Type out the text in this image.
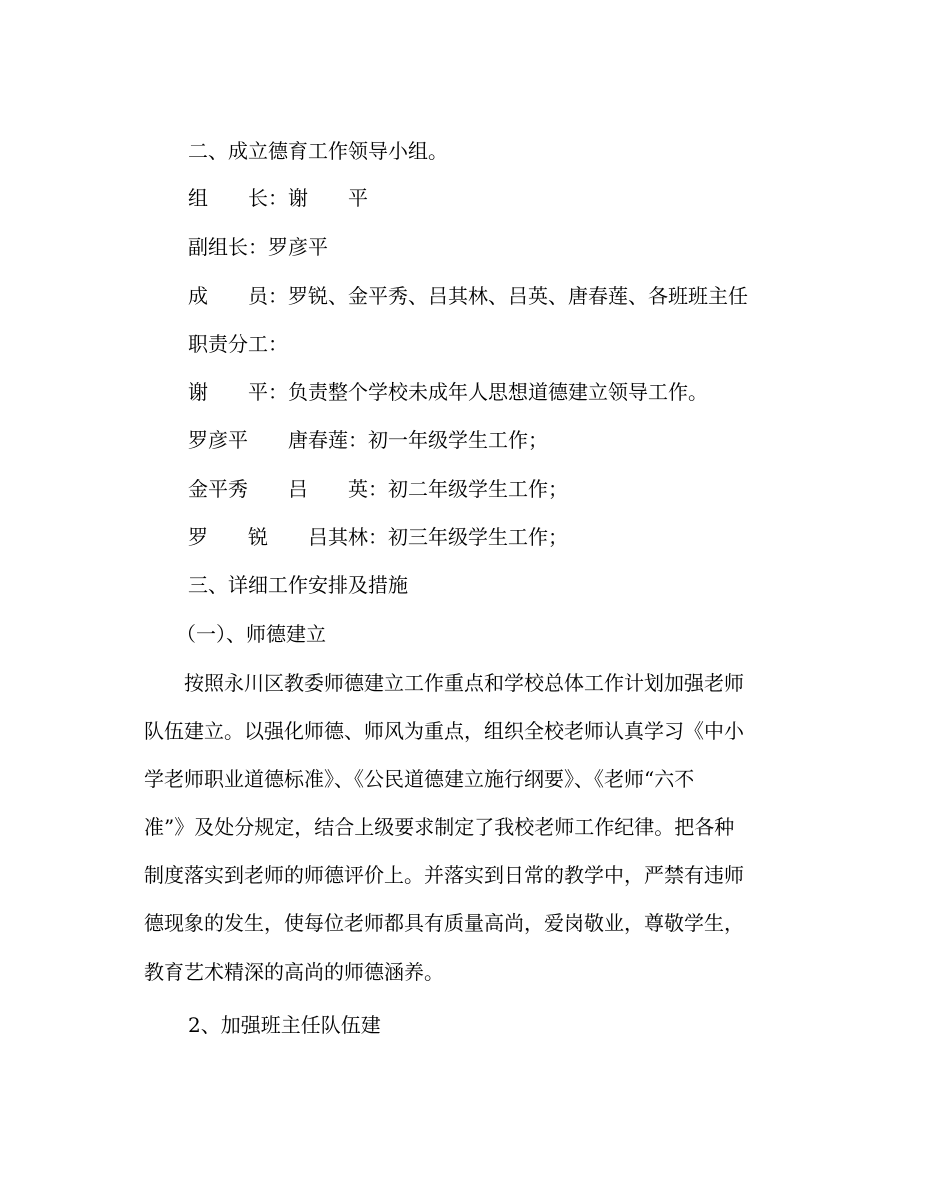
二、成立德育工作领导小组。
组　　长：谢　　平
副组长：罗彦平
成　　员：罗锐、金平秀、吕其林、吕英、唐春莲、各班班主任
职责分工：
谢　　平：负责整个学校未成年人思想道德建立领导工作。
罗彦平　　唐春莲：初一年级学生工作；
金平秀　　吕　　英：初二年级学生工作；
罗　　锐　　吕其林：初三年级学生工作；
三、详细工作安排及措施
（一）、师德建立
　　按照永川区教委师德建立工作重点和学校总体工作计划加强老师
队伍建立。以强化师德、师风为重点，组织全校老师认真学习《中小
学老师职业道德标准》、《公民道德建立施行纲要》、《老师“六不
准”》及处分规定，结合上级要求制定了我校老师工作纪律。把各种
制度落实到老师的师德评价上。并落实到日常的教学中，严禁有违师
德现象的发生，使每位老师都具有质量高尚，爱岗敬业，尊敬学生，
教育艺术精深的高尚的师德涵养。
2、加强班主任队伍建
